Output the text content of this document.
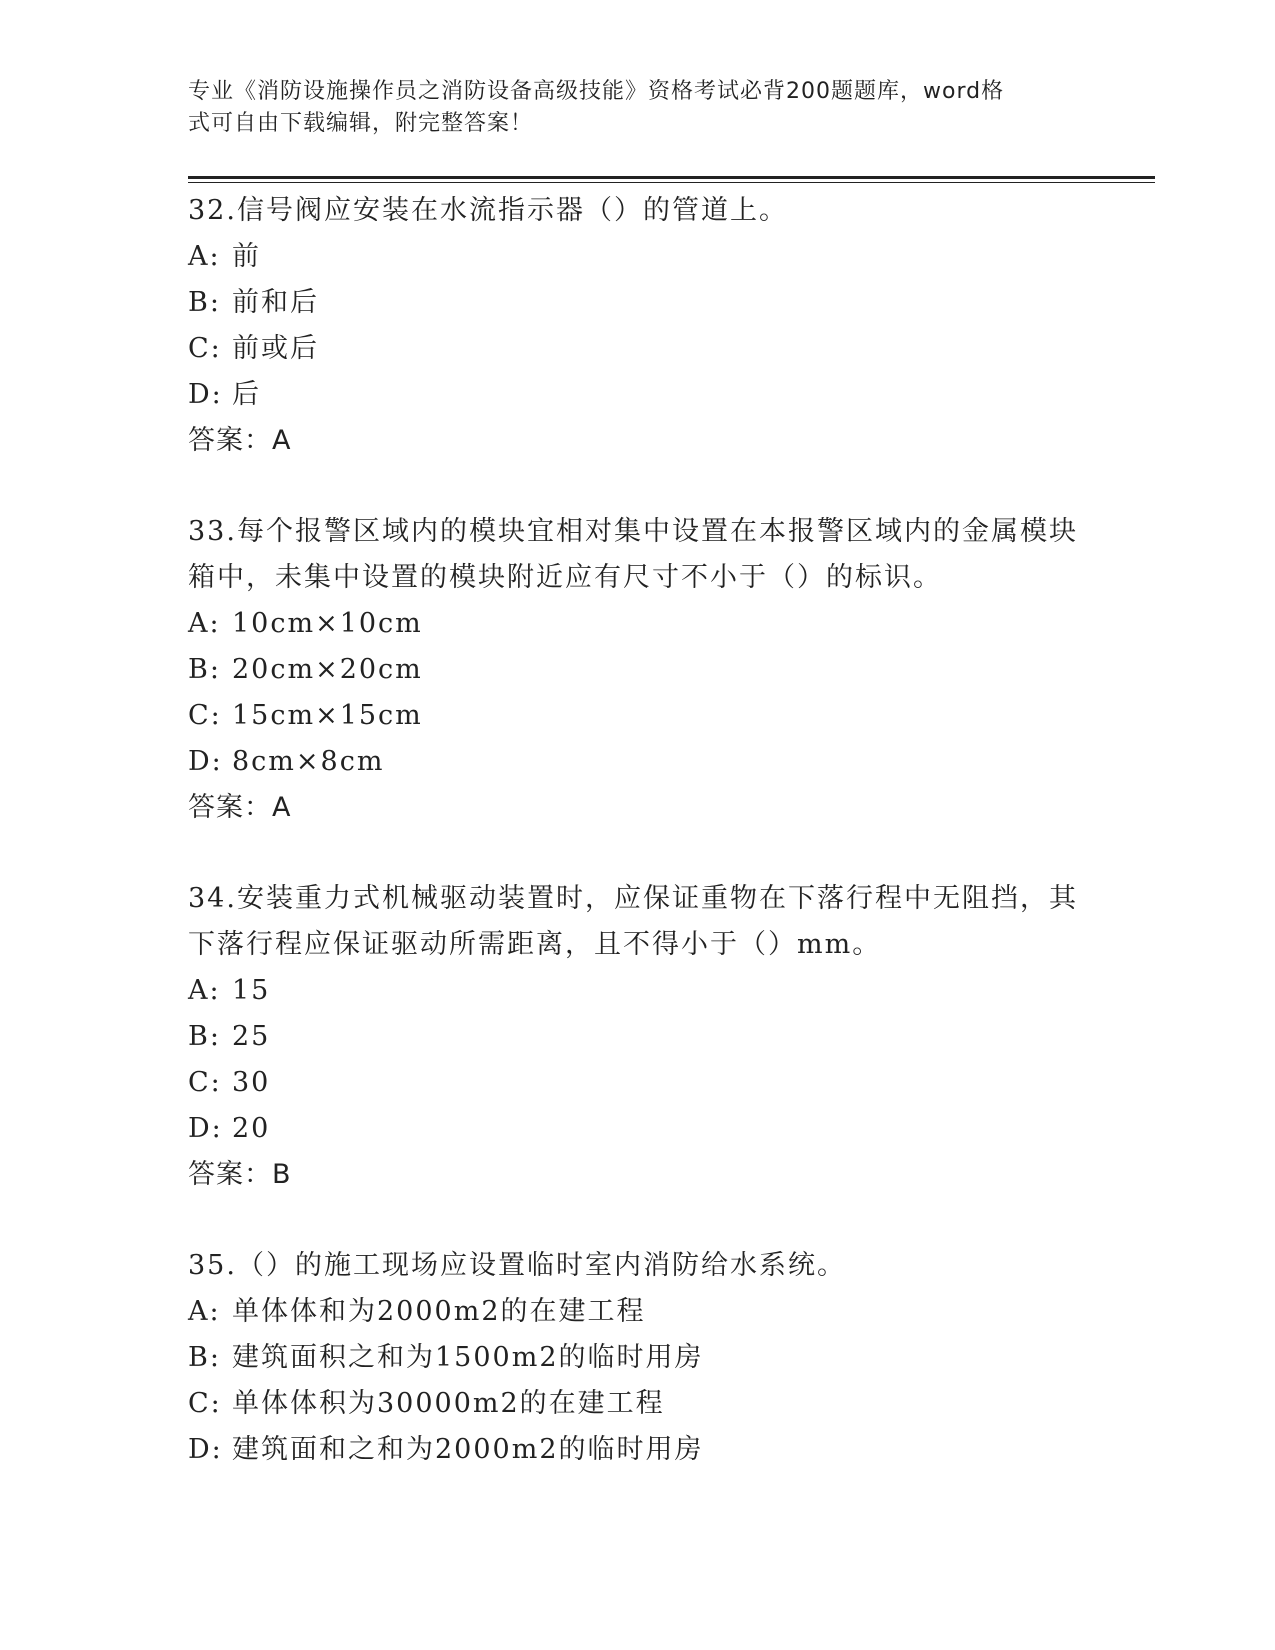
专业《消防设施操作员之消防设备高级技能》资格考试必背200题题库，word格
式可自由下载编辑，附完整答案！

32.信号阀应安装在水流指示器（）的管道上。

A: 前

B: 前和后

C: 前或后

D: 后

答案：A

33.每个报警区域内的模块宜相对集中设置在本报警区域内的金属模块

箱中，未集中设置的模块附近应有尺寸不小于（）的标识。

A: 10cm×10cm

B: 20cm×20cm

C: 15cm×15cm

D: 8cm×8cm

答案：A

34.安装重力式机械驱动装置时，应保证重物在下落行程中无阻挡，其

下落行程应保证驱动所需距离，且不得小于（）mm。

A: 15

B: 25

C: 30

D: 20

答案：B

35.（）的施工现场应设置临时室内消防给水系统。

A: 单体体和为2000m2的在建工程

B: 建筑面积之和为1500m2的临时用房

C: 单体体积为30000m2的在建工程

D: 建筑面和之和为2000m2的临时用房
